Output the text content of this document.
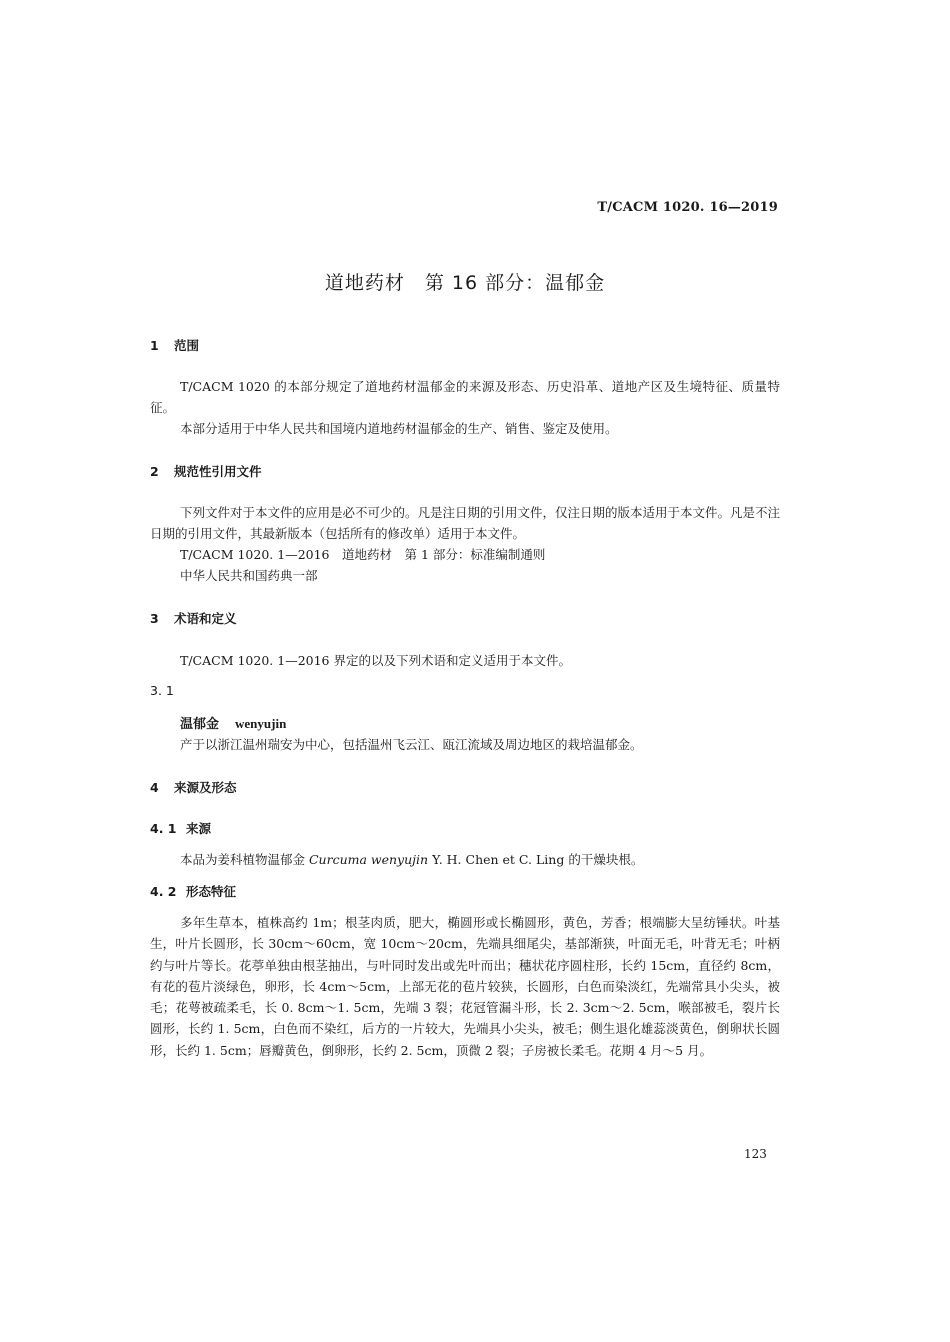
T/CACM 1020. 16—2019
道地药材　第 16 部分：温郁金
1 范围
T/CACM 1020 的本部分规定了道地药材温郁金的来源及形态、历史沿革、道地产区及生境特征、质量特征。
本部分适用于中华人民共和国境内道地药材温郁金的生产、销售、鉴定及使用。
2 规范性引用文件
下列文件对于本文件的应用是必不可少的。凡是注日期的引用文件，仅注日期的版本适用于本文件。凡是不注日期的引用文件，其最新版本（包括所有的修改单）适用于本文件。
T/CACM 1020. 1—2016　道地药材　第 1 部分：标准编制通则
中华人民共和国药典一部
3 术语和定义
T/CACM 1020. 1—2016 界定的以及下列术语和定义适用于本文件。
3. 1
温郁金 wenyujin
产于以浙江温州瑞安为中心，包括温州飞云江、瓯江流域及周边地区的栽培温郁金。
4 来源及形态
4. 1 来源
本品为姜科植物温郁金 Curcuma wenyujin Y. H. Chen et C. Ling 的干燥块根。
4. 2 形态特征
多年生草本，植株高约 1m；根茎肉质，肥大，椭圆形或长椭圆形，黄色，芳香；根端膨大呈纺锤状。叶基生，叶片长圆形，长 30cm～60cm，宽 10cm～20cm，先端具细尾尖，基部渐狭，叶面无毛，叶背无毛；叶柄约与叶片等长。花葶单独由根茎抽出，与叶同时发出或先叶而出；穗状花序圆柱形，长约 15cm，直径约 8cm，有花的苞片淡绿色，卵形，长 4cm～5cm，上部无花的苞片较狭，长圆形，白色而染淡红，先端常具小尖头，被毛；花萼被疏柔毛，长 0. 8cm～1. 5cm，先端 3 裂；花冠管漏斗形，长 2. 3cm～2. 5cm，喉部被毛，裂片长圆形，长约 1. 5cm，白色而不染红，后方的一片较大，先端具小尖头，被毛；侧生退化雄蕊淡黄色，倒卵状长圆形，长约 1. 5cm；唇瓣黄色，倒卵形，长约 2. 5cm，顶微 2 裂；子房被长柔毛。花期 4 月～5 月。
123
